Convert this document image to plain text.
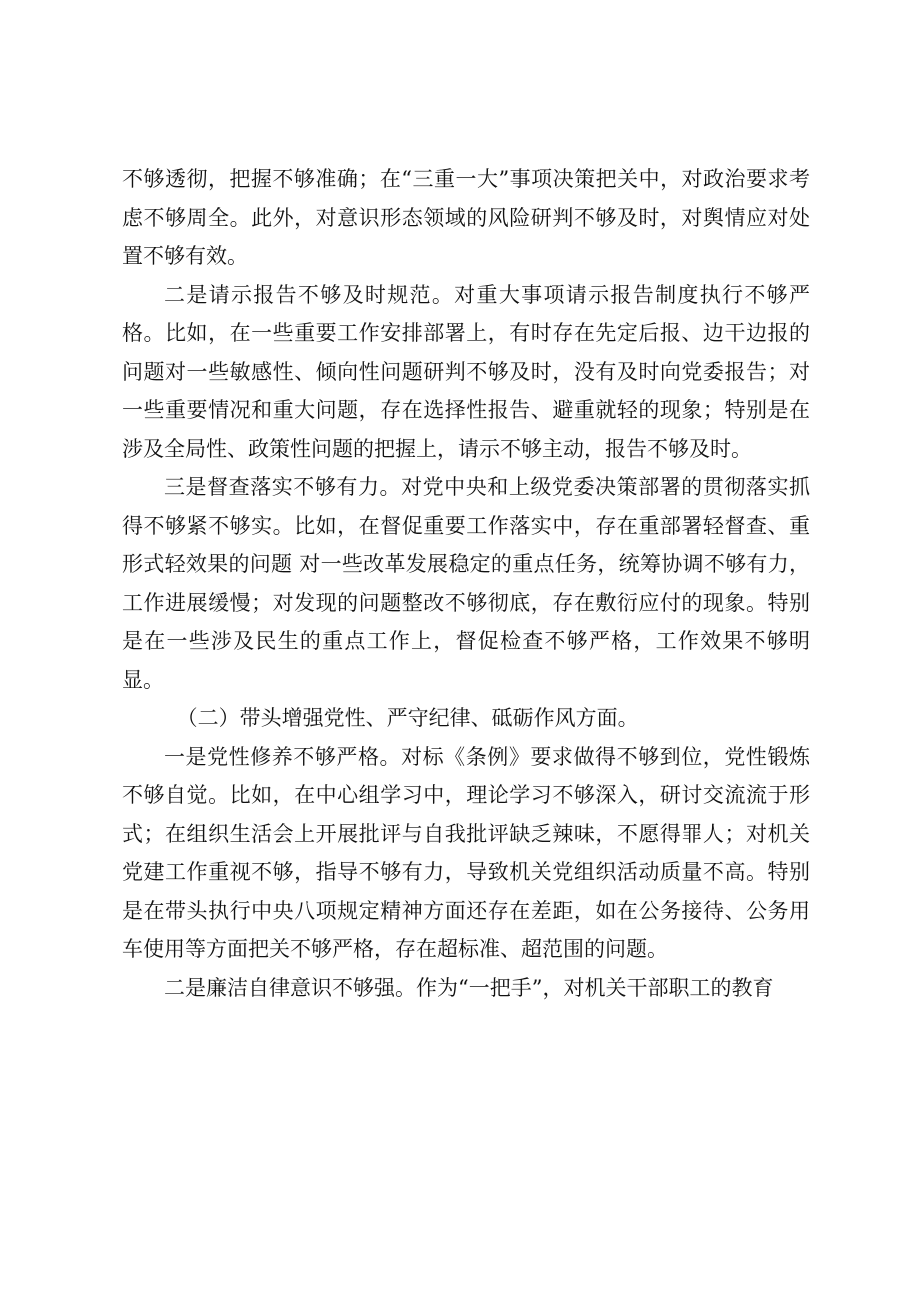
不够透彻，把握不够准确；在“三重一大”事项决策把关中，对政治要求考虑不够周全。此外，对意识形态领域的风险研判不够及时，对舆情应对处置不够有效。

二是请示报告不够及时规范。对重大事项请示报告制度执行不够严格。比如，在一些重要工作安排部署上，有时存在先定后报、边干边报的问题对一些敏感性、倾向性问题研判不够及时，没有及时向党委报告；对一些重要情况和重大问题，存在选择性报告、避重就轻的现象；特别是在涉及全局性、政策性问题的把握上，请示不够主动，报告不够及时。

三是督查落实不够有力。对党中央和上级党委决策部署的贯彻落实抓得不够紧不够实。比如，在督促重要工作落实中，存在重部署轻督查、重形式轻效果的问题 对一些改革发展稳定的重点任务，统筹协调不够有力，工作进展缓慢；对发现的问题整改不够彻底，存在敷衍应付的现象。特别是在一些涉及民生的重点工作上，督促检查不够严格，工作效果不够明显。

（二）带头增强党性、严守纪律、砥砺作风方面。

一是党性修养不够严格。对标《条例》要求做得不够到位，党性锻炼不够自觉。比如，在中心组学习中，理论学习不够深入，研讨交流流于形式；在组织生活会上开展批评与自我批评缺乏辣味，不愿得罪人；对机关党建工作重视不够，指导不够有力，导致机关党组织活动质量不高。特别是在带头执行中央八项规定精神方面还存在差距，如在公务接待、公务用车使用等方面把关不够严格，存在超标准、超范围的问题。

二是廉洁自律意识不够强。作为“一把手”，对机关干部职工的教育
